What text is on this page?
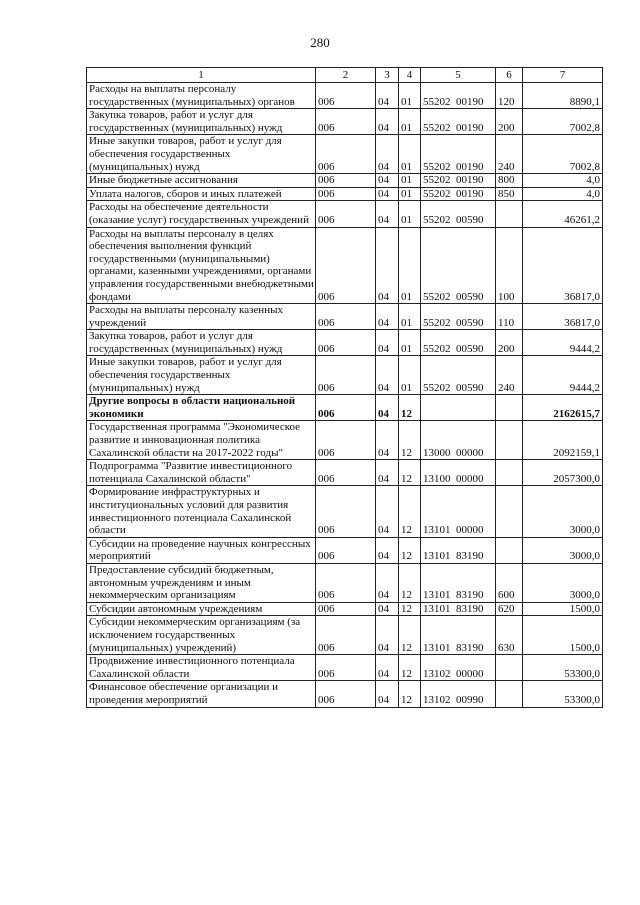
280
1	2	3	4	5	6	7
Расходы на выплаты персоналу государственных (муниципальных) органов	006	04	01	55202 00190	120	8890,1
Закупка товаров, работ и услуг для государственных (муниципальных) нужд	006	04	01	55202 00190	200	7002,8
Иные закупки товаров, работ и услуг для обеспечения государственных (муниципальных) нужд	006	04	01	55202 00190	240	7002,8
Иные бюджетные ассигнования	006	04	01	55202 00190	800	4,0
Уплата налогов, сборов и иных платежей	006	04	01	55202 00190	850	4,0
Расходы на обеспечение деятельности (оказание услуг) государственных учреждений	006	04	01	55202 00590		46261,2
Расходы на выплаты персоналу в целях обеспечения выполнения функций государственными (муниципальными) органами, казенными учреждениями, органами управления государственными внебюджетными фондами	006	04	01	55202 00590	100	36817,0
Расходы на выплаты персоналу казенных учреждений	006	04	01	55202 00590	110	36817,0
Закупка товаров, работ и услуг для государственных (муниципальных) нужд	006	04	01	55202 00590	200	9444,2
Иные закупки товаров, работ и услуг для обеспечения государственных (муниципальных) нужд	006	04	01	55202 00590	240	9444,2
Другие вопросы в области национальной экономики	006	04	12			2162615,7
Государственная программа "Экономическое развитие и инновационная политика Сахалинской области на 2017-2022 годы"	006	04	12	13000 00000		2092159,1
Подпрограмма "Развитие инвестиционного потенциала Сахалинской области"	006	04	12	13100 00000		2057300,0
Формирование инфраструктурных и институциональных условий для развития инвестиционного потенциала Сахалинской области	006	04	12	13101 00000		3000,0
Субсидии на проведение научных конгрессных мероприятий	006	04	12	13101 83190		3000,0
Предоставление субсидий бюджетным, автономным учреждениям и иным некоммерческим организациям	006	04	12	13101 83190	600	3000,0
Субсидии автономным учреждениям	006	04	12	13101 83190	620	1500,0
Субсидии некоммерческим организациям (за исключением государственных (муниципальных) учреждений)	006	04	12	13101 83190	630	1500,0
Продвижение инвестиционного потенциала Сахалинской области	006	04	12	13102 00000		53300,0
Финансовое обеспечение организации и проведения мероприятий	006	04	12	13102 00990		53300,0
